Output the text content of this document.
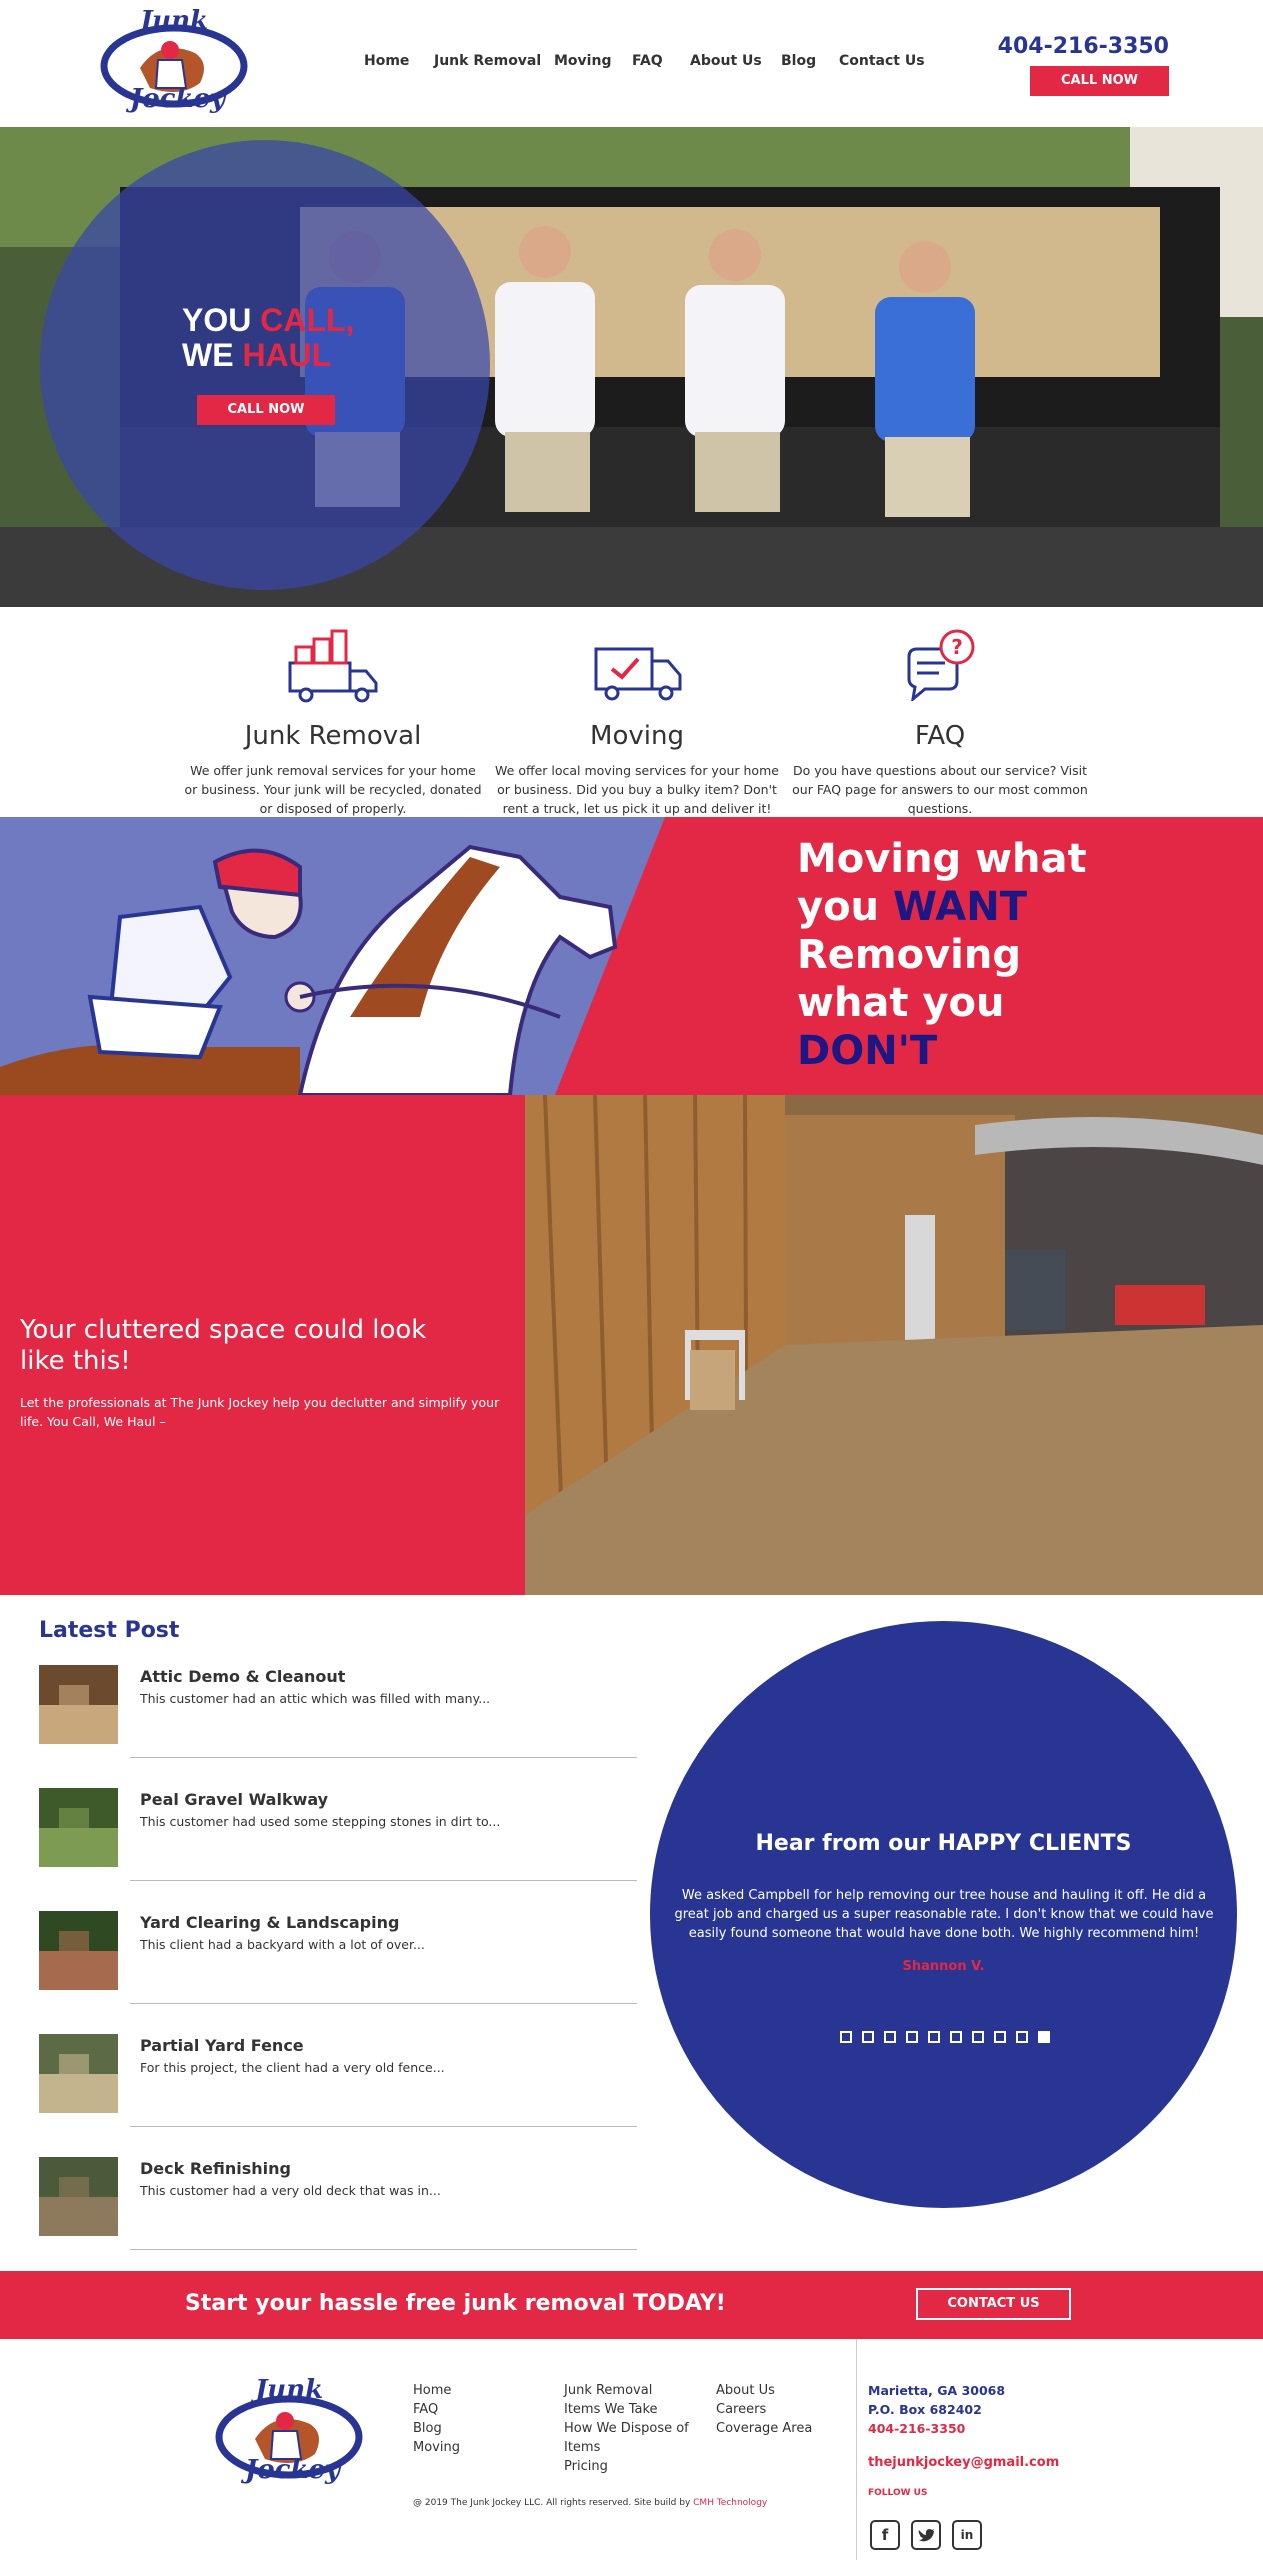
Junk
Jockey
Home Junk Removal Moving FAQ About Us Blog Contact Us
404-216-3350
CALL NOW
YOU CALL,
WE HAUL
CALL NOW
Junk Removal
We offer junk removal services for your home or business. Your junk will be recycled, donated or disposed of properly.
Moving
We offer local moving services for your home or business. Did you buy a bulky item? Don't rent a truck, let us pick it up and deliver it!
?
FAQ
Do you have questions about our service? Visit our FAQ page for answers to our most common questions.
Moving what
you WANT
Removing
what you
DON'T
Your cluttered space could look like this!
Let the professionals at The Junk Jockey help you declutter and simplify your life. You Call, We Haul –
Latest Post
Attic Demo & Cleanout
This customer had an attic which was filled with many...
Peal Gravel Walkway
This customer had used some stepping stones in dirt to...
Yard Clearing & Landscaping
This client had a backyard with a lot of over...
Partial Yard Fence
For this project, the client had a very old fence...
Deck Refinishing
This customer had a very old deck that was in...
Hear from our HAPPY CLIENTS
We asked Campbell for help removing our tree house and hauling it off. He did a great job and charged us a super reasonable rate. I don't know that we could have easily found someone that would have done both. We highly recommend him!
Shannon V.
Start your hassle free junk removal TODAY!	CONTACT US
Junk
Jockey
Home
FAQ
Blog
Moving
Junk Removal
Items We Take
How We Dispose of Items
Pricing
About Us
Careers
Coverage Area
Marietta, GA 30068
P.O. Box 682402
404-216-3350
thejunkjockey@gmail.com
FOLLOW US
f	in
@ 2019 The Junk Jockey LLC. All rights reserved. Site build by CMH Technology
